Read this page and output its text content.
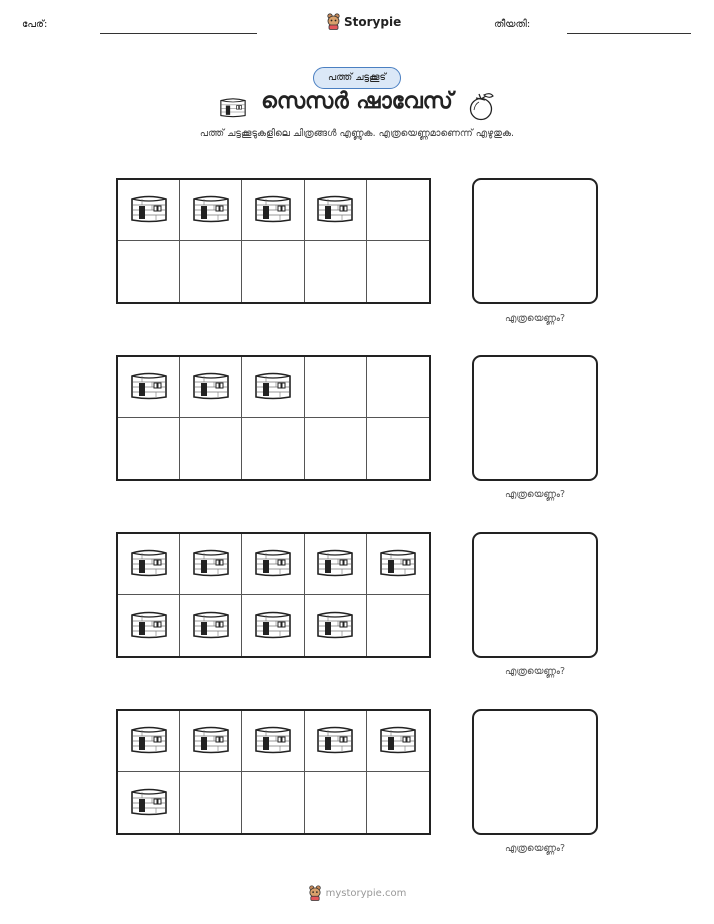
പേര്:	Storypie	തീയതി:
പത്ത് ചട്ടക്കൂട്
സെസർ ഷാവേസ്
പത്ത് ചട്ടക്കൂടുകളിലെ ചിത്രങ്ങൾ എണ്ണുക. എത്രയെണ്ണമാണെന്ന് എഴുതുക.
എത്രയെണ്ണം?
എത്രയെണ്ണം?
എത്രയെണ്ണം?
എത്രയെണ്ണം?
mystorypie.com
